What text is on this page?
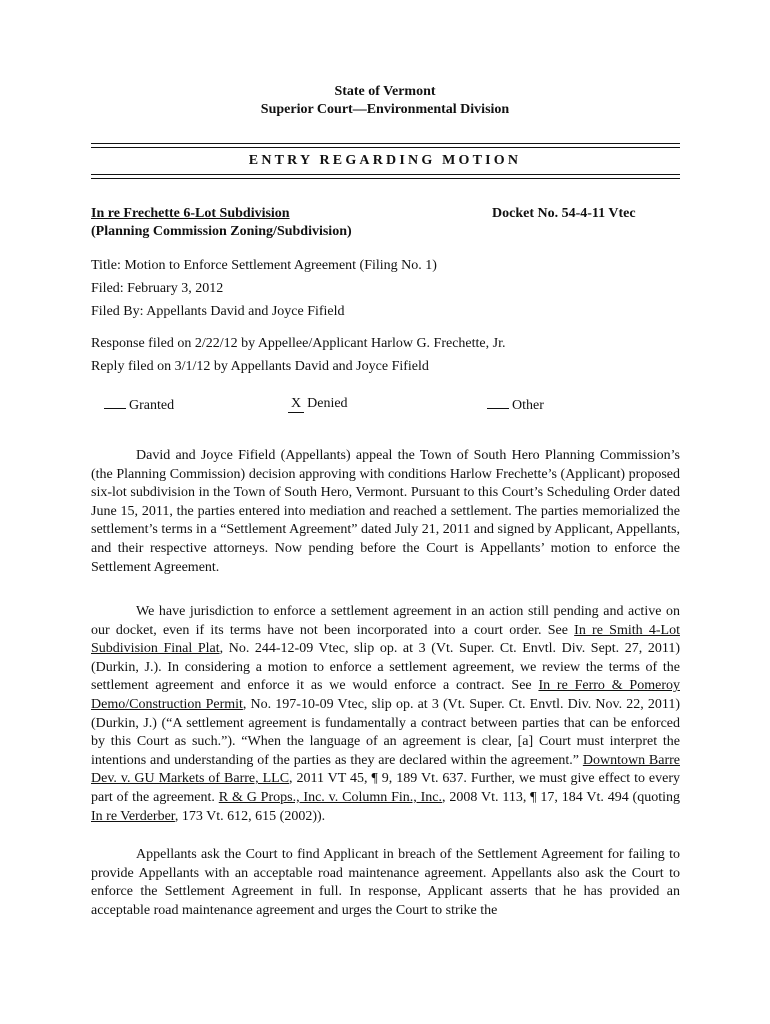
State of Vermont
Superior Court—Environmental Division
ENTRY REGARDING MOTION
In re Frechette 6-Lot Subdivision
(Planning Commission Zoning/Subdivision)
Docket No. 54-4-11 Vtec
Title: Motion to Enforce Settlement Agreement (Filing No. 1)
Filed: February 3, 2012
Filed By: Appellants David and Joyce Fifield
Response filed on 2/22/12 by Appellee/Applicant Harlow G. Frechette, Jr.
Reply filed on 3/1/12 by Appellants David and Joyce Fifield
Granted	X Denied	Other

David and Joyce Fifield (Appellants) appeal the Town of South Hero Planning Commission’s (the Planning Commission) decision approving with conditions Harlow Frechette’s (Applicant) proposed six-lot subdivision in the Town of South Hero, Vermont. Pursuant to this Court’s Scheduling Order dated June 15, 2011, the parties entered into mediation and reached a settlement. The parties memorialized the settlement’s terms in a “Settlement Agreement” dated July 21, 2011 and signed by Applicant, Appellants, and their respective attorneys. Now pending before the Court is Appellants’ motion to enforce the Settlement Agreement.

We have jurisdiction to enforce a settlement agreement in an action still pending and active on our docket, even if its terms have not been incorporated into a court order. See In re Smith 4-Lot Subdivision Final Plat, No. 244-12-09 Vtec, slip op. at 3 (Vt. Super. Ct. Envtl. Div. Sept. 27, 2011) (Durkin, J.). In considering a motion to enforce a settlement agreement, we review the terms of the settlement agreement and enforce it as we would enforce a contract. See In re Ferro & Pomeroy Demo/Construction Permit, No. 197-10-09 Vtec, slip op. at 3 (Vt. Super. Ct. Envtl. Div. Nov. 22, 2011) (Durkin, J.) (“A settlement agreement is fundamentally a contract between parties that can be enforced by this Court as such.”). “When the language of an agreement is clear, [a] Court must interpret the intentions and understanding of the parties as they are declared within the agreement.” Downtown Barre Dev. v. GU Markets of Barre, LLC, 2011 VT 45, ¶ 9, 189 Vt. 637. Further, we must give effect to every part of the agreement. R & G Props., Inc. v. Column Fin., Inc., 2008 Vt. 113, ¶ 17, 184 Vt. 494 (quoting In re Verderber, 173 Vt. 612, 615 (2002)).

Appellants ask the Court to find Applicant in breach of the Settlement Agreement for failing to provide Appellants with an acceptable road maintenance agreement. Appellants also ask the Court to enforce the Settlement Agreement in full. In response, Applicant asserts that he has provided an acceptable road maintenance agreement and urges the Court to strike the
